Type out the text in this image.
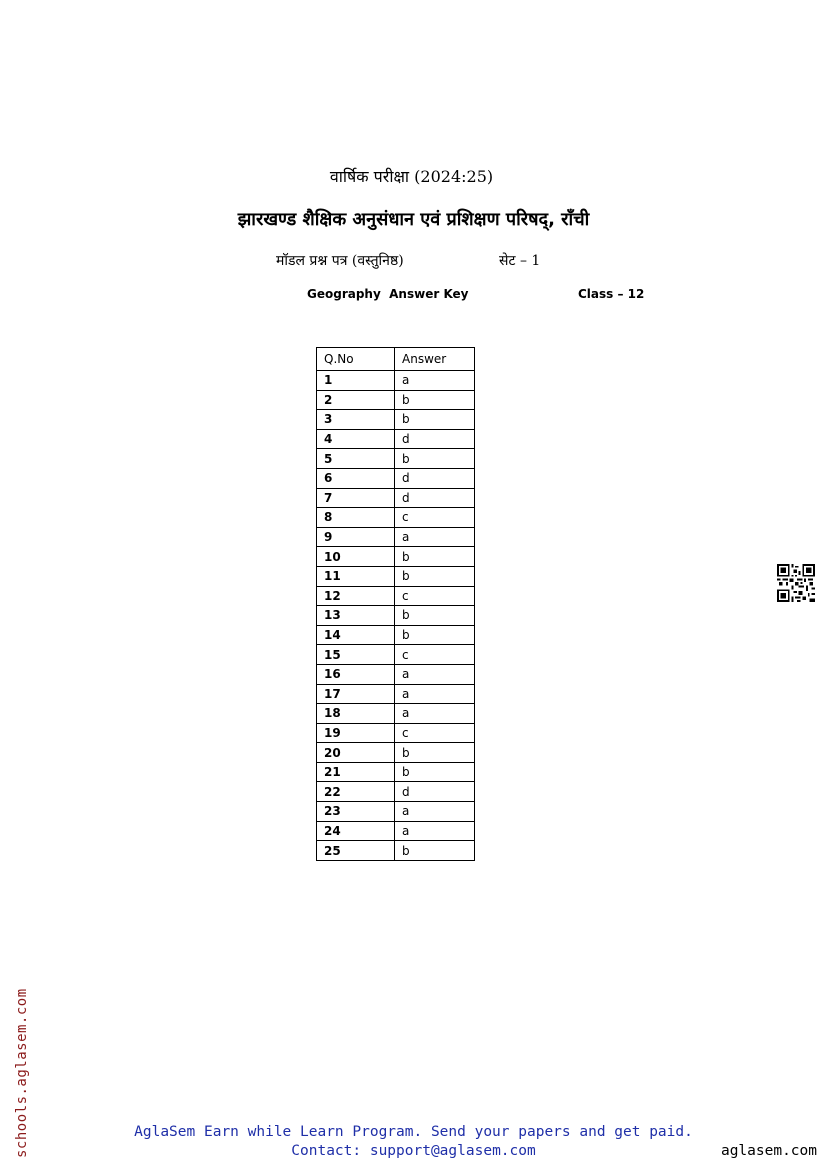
वार्षिक परीक्षा (2024:25)
झारखण्ड शैक्षिक अनुसंधान एवं प्रशिक्षण परिषद्, राँची
मॉडल प्रश्न पत्र (वस्तुनिष्ठ)	सेट – 1
Geography  Answer Key	Class – 12
Q.No	Answer
1	a
2	b
3	b
4	d
5	b
6	d
7	d
8	c
9	a
10	b
11	b
12	c
13	b
14	b
15	c
16	a
17	a
18	a
19	c
20	b
21	b
22	d
23	a
24	a
25	b
schools.aglasem.com	AglaSem Earn while Learn Program. Send your papers and get paid.
Contact: support@aglasem.com	aglasem.com
